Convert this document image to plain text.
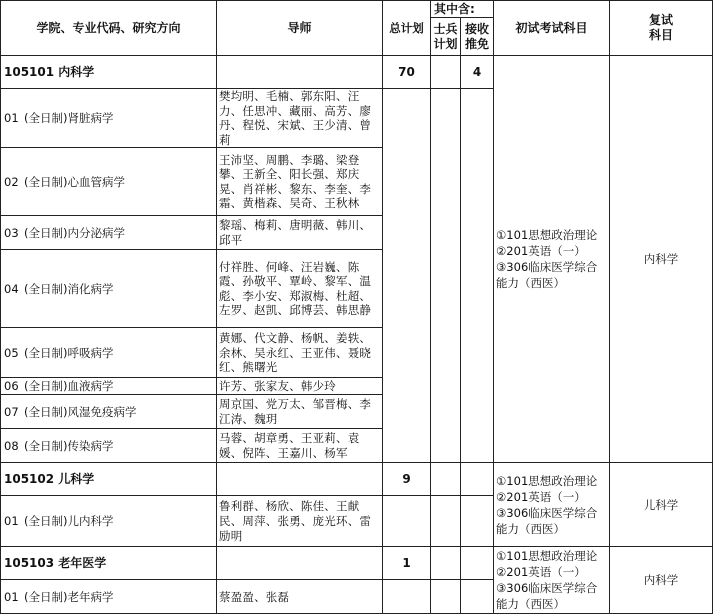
学院、专业代码、研究方向	导师	总计划	其中含:		初试考试科目	复试科目
			士兵计划	接收推免		
105101 内科学		70		4	①101思想政治理论
②201英语（一）
③306临床医学综合
能力（西医）	内科学

01 (全日制)肾脏病学	樊均明、毛楠、郭东阳、汪力、任思冲、藏丽、高芳、廖丹、程悦、宋斌、王少清、曾莉					

02 (全日制)心血管病学	王沛坚、周鹏、李璐、梁登攀、王新全、阳长强、郑庆晃、肖祥彬、黎东、李奎、李霜、黄楷森、吴奇、王秋林					

03 (全日制)内分泌病学	黎瑶、梅莉、唐明薇、韩川、邱平					

04 (全日制)消化病学	付祥胜、何峰、汪岩巍、陈霞、孙敬平、覃岭、黎军、温彪、李小安、郑淑梅、杜超、左罗、赵凯、邱博芸、韩思静					

05 (全日制)呼吸病学	黄娜、代文静、杨帆、姜轶、余林、吴永红、王亚伟、聂晓红、熊曙光					

06 (全日制)血液病学	许芳、张家友、韩少玲					

07 (全日制)风湿免疫病学	周京国、党万太、邹晋梅、李江涛、魏玥					

08 (全日制)传染病学	马蓉、胡章勇、王亚莉、袁媛、倪阵、王嘉川、杨军					
105102 儿科学		9			①101思想政治理论
②201英语（一）
③306临床医学综合
能力（西医）	儿科学

01 (全日制)儿内科学	鲁利群、杨欣、陈佳、王献民、周萍、张勇、庞光环、雷励明					
105103 老年医学		1			①101思想政治理论
②201英语（一）
③306临床医学综合
能力（西医）	内科学

01 (全日制)老年病学	蔡盈盈、张磊					
